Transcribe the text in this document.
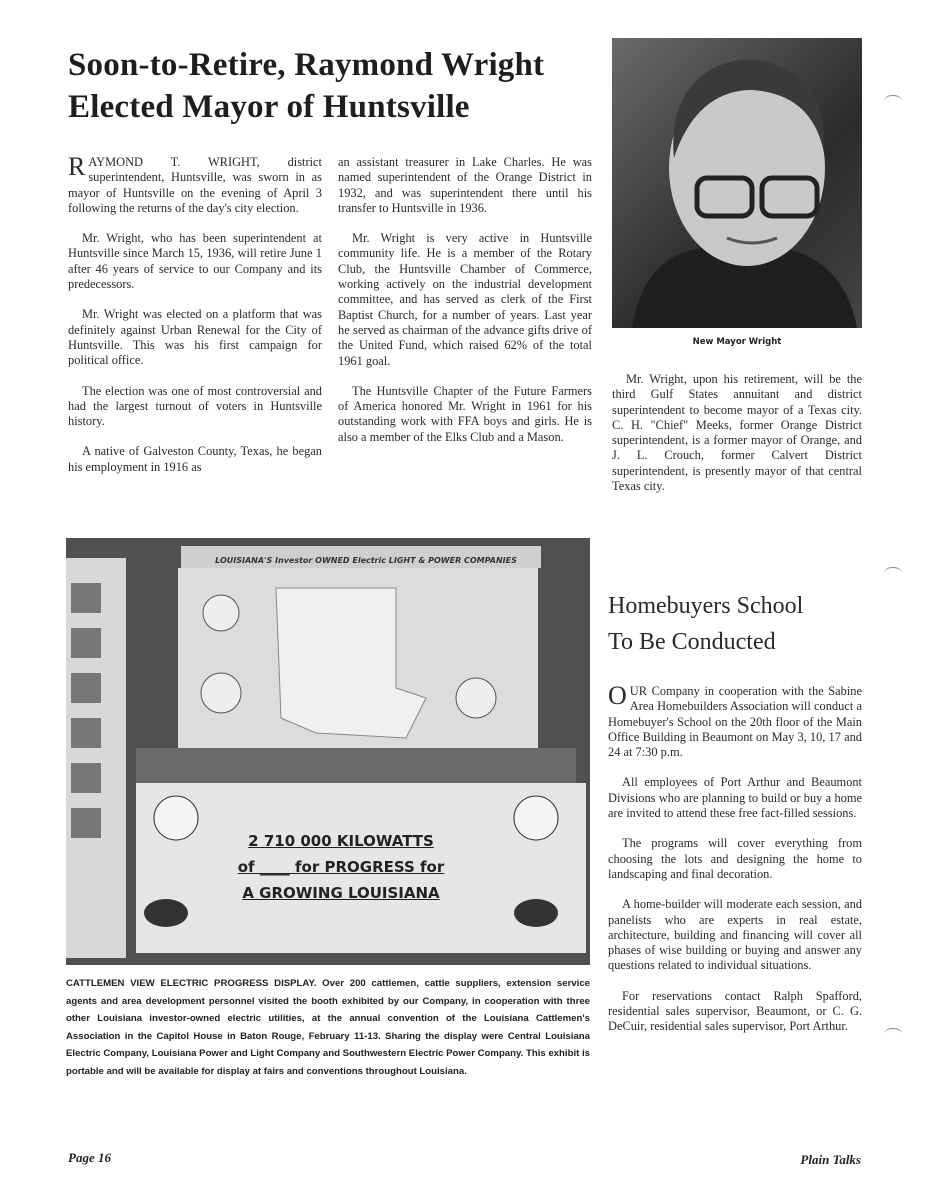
Soon-to-Retire, Raymond Wright
Elected Mayor of Huntsville

RAYMOND T. WRIGHT, district superintendent, Huntsville, was sworn in as mayor of Huntsville on the evening of April 3 following the returns of the day's city election.

Mr. Wright, who has been superintendent at Huntsville since March 15, 1936, will retire June 1 after 46 years of service to our Company and its predecessors.

Mr. Wright was elected on a platform that was definitely against Urban Renewal for the City of Huntsville. This was his first campaign for political office.

The election was one of most controversial and had the largest turnout of voters in Huntsville history.

A native of Galveston County, Texas, he began his employment in 1916 as

an assistant treasurer in Lake Charles. He was named superintendent of the Orange District in 1932, and was superintendent there until his transfer to Huntsville in 1936.

Mr. Wright is very active in Huntsville community life. He is a member of the Rotary Club, the Huntsville Chamber of Commerce, working actively on the industrial development committee, and has served as clerk of the First Baptist Church, for a number of years. Last year he served as chairman of the advance gifts drive of the United Fund, which raised 62% of the total 1961 goal.

The Huntsville Chapter of the Future Farmers of America honored Mr. Wright in 1961 for his outstanding work with FFA boys and girls. He is also a member of the Elks Club and a Mason.

New Mayor Wright

Mr. Wright, upon his retirement, will be the third Gulf States annuitant and district superintendent to become mayor of a Texas city. C. H. "Chief" Meeks, former Orange District superintendent, is a former mayor of Orange, and J. L. Crouch, former Calvert District superintendent, is presently mayor of that central Texas city.

LOUISIANA'S Investor OWNED Electric LIGHT & POWER COMPANIES
2 710 000 KILOWATTS
of ____ for PROGRESS for
A GROWING LOUISIANA
CATTLEMEN VIEW ELECTRIC PROGRESS DISPLAY. Over 200 cattlemen, cattle suppliers, extension service agents and area development personnel visited the booth exhibited by our Company, in cooperation with three other Louisiana investor-owned electric utilities, at the annual convention of the Louisiana Cattlemen's Association in the Capitol House in Baton Rouge, February 11-13. Sharing the display were Central Louisiana Electric Company, Louisiana Power and Light Company and Southwestern Electric Power Company. This exhibit is portable and will be available for display at fairs and conventions throughout Louisiana.
Homebuyers School
To Be Conducted

OUR Company in cooperation with the Sabine Area Homebuilders Association will conduct a Homebuyer's School on the 20th floor of the Main Office Building in Beaumont on May 3, 10, 17 and 24 at 7:30 p.m.

All employees of Port Arthur and Beaumont Divisions who are planning to build or buy a home are invited to attend these free fact-filled sessions.

The programs will cover everything from choosing the lots and designing the home to landscaping and final decoration.

A home-builder will moderate each session, and panelists who are experts in real estate, architecture, building and financing will cover all phases of wise building or buying and answer any questions related to individual situations.

For reservations contact Ralph Spafford, residential sales supervisor, Beaumont, or C. G. DeCuir, residential sales supervisor, Port Arthur.

Page 16	Plain Talks
